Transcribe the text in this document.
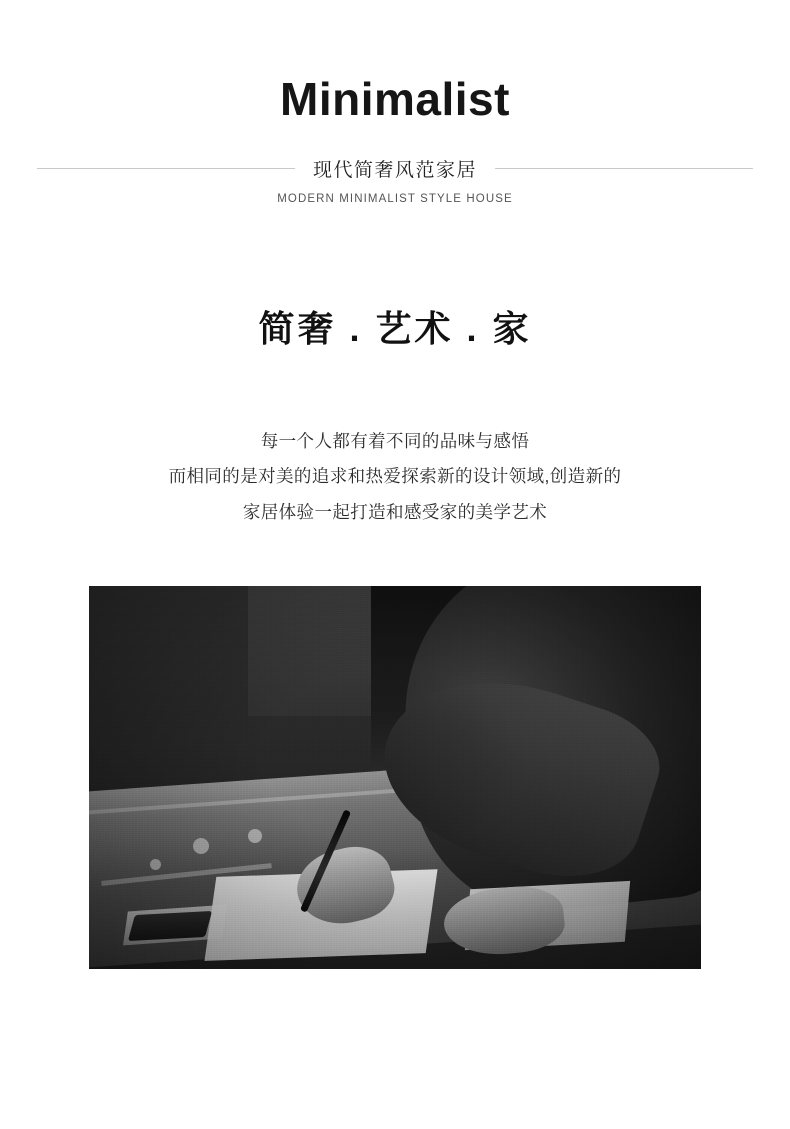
Minimalist
现代简奢风范家居
MODERN MINIMALIST STYLE HOUSE
简奢 . 艺术 . 家
每一个人都有着不同的品味与感悟
而相同的是对美的追求和热爱探索新的设计领域,创造新的
家居体验一起打造和感受家的美学艺术
